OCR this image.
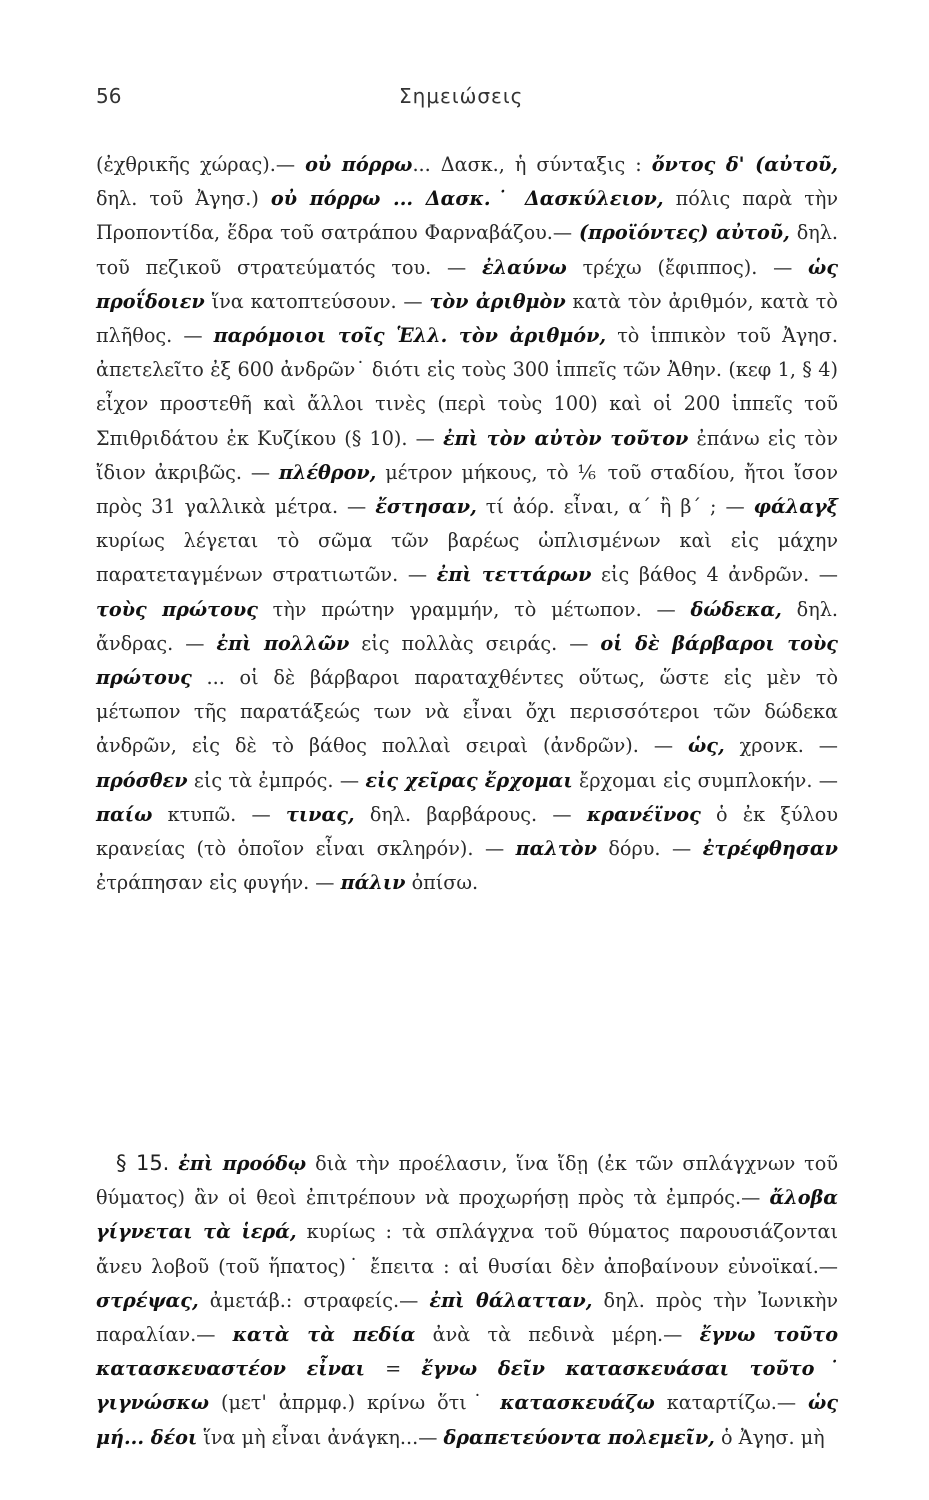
56	Σημειώσεις

(ἐχθρικῆς χώρας).— οὐ πόρρω... Δασκ., ἡ σύνταξις : ὄντος δ' (αὐτοῦ, δηλ. τοῦ Ἀγησ.) οὐ πόρρω ... Δασκ.˙ Δασκύλειον, πόλις παρὰ τὴν Προποντίδα, ἕδρα τοῦ σατράπου Φαρναβάζου.— (προϊόντες) αὐτοῦ, δηλ. τοῦ πεζικοῦ στρατεύματός του. — ἐλαύνω τρέχω (ἔφιππος). — ὡς προΐδοιεν ἵνα κατοπτεύσουν. — τὸν ἀριθμὸν κατὰ τὸν ἀριθμόν, κατὰ τὸ πλῆθος. — παρόμοιοι τοῖς Ἑλλ. τὸν ἀριθμόν, τὸ ἱππικὸν τοῦ Ἀγησ. ἀπετελεῖτο ἐξ 600 ἀνδρῶν˙ διότι εἰς τοὺς 300 ἱππεῖς τῶν Ἀθην. (κεφ 1, § 4) εἶχον προστεθῆ καὶ ἄλλοι τινὲς (περὶ τοὺς 100) καὶ οἱ 200 ἱππεῖς τοῦ Σπιθριδάτου ἐκ Κυζίκου (§ 10). — ἐπὶ τὸν αὐτὸν τοῦτον ἐπάνω εἰς τὸν ἴδιον ἀκριβῶς. — πλέθρον, μέτρον μήκους, τὸ ⅙ τοῦ σταδίου, ἤτοι ἴσον πρὸς 31 γαλλικὰ μέτρα. — ἔστησαν, τί ἀόρ. εἶναι, α΄ ἢ β΄ ; — φάλαγξ κυρίως λέγεται τὸ σῶμα τῶν βαρέως ὡπλισμένων καὶ εἰς μάχην παρατεταγμένων στρατιωτῶν. — ἐπὶ τεττάρων εἰς βάθος 4 ἀνδρῶν. — τοὺς πρώτους τὴν πρώτην γραμμήν, τὸ μέτωπον. — δώδεκα, δηλ. ἄνδρας. — ἐπὶ πολλῶν εἰς πολλὰς σειράς. — οἱ δὲ βάρβαροι τοὺς πρώτους ... οἱ δὲ βάρβαροι παραταχθέντες οὕτως, ὥστε εἰς μὲν τὸ μέτωπον τῆς παρατάξεώς των νὰ εἶναι ὄχι περισσότεροι τῶν δώδεκα ἀνδρῶν, εἰς δὲ τὸ βάθος πολλαὶ σειραὶ (ἀνδρῶν). — ὡς, χρονκ. — πρόσθεν εἰς τὰ ἐμπρός. — εἰς χεῖρας ἔρχομαι ἔρχομαι εἰς συμπλοκήν. — παίω κτυπῶ. — τινας, δηλ. βαρβάρους. — κρανέϊνος ὁ ἐκ ξύλου κρανείας (τὸ ὁποῖον εἶναι σκληρόν). — παλτὸν δόρυ. — ἐτρέφθησαν ἐτράπησαν εἰς φυγήν. — πάλιν ὀπίσω.

§ 15. ἐπὶ προόδῳ διὰ τὴν προέλασιν, ἵνα ἴδῃ (ἐκ τῶν σπλάγχνων τοῦ θύματος) ἂν οἱ θεοὶ ἐπιτρέπουν νὰ προχωρήσῃ πρὸς τὰ ἐμπρός.— ἄλοβα γίγνεται τὰ ἱερά, κυρίως : τὰ σπλάγχνα τοῦ θύματος παρουσιάζονται ἄνευ λοβοῦ (τοῦ ἥπατος)˙ ἔπειτα : αἱ θυσίαι δὲν ἀποβαίνουν εὐνοϊκαί.— στρέψας, ἀμετάβ.: στραφείς.— ἐπὶ θάλατταν, δηλ. πρὸς τὴν Ἰωνικὴν παραλίαν.— κατὰ τὰ πεδία ἀνὰ τὰ πεδινὰ μέρη.— ἔγνω τοῦτο κατασκευαστέον εἶναι = ἔγνω δεῖν κατασκευάσαι τοῦτο˙ γιγνώσκω (μετ' ἀπρμφ.) κρίνω ὅτι˙ κατασκευάζω καταρτίζω.— ὡς μή... δέοι ἵνα μὴ εἶναι ἀνάγκη...— δραπετεύοντα πολεμεῖν, ὁ Ἀγησ. μὴ
